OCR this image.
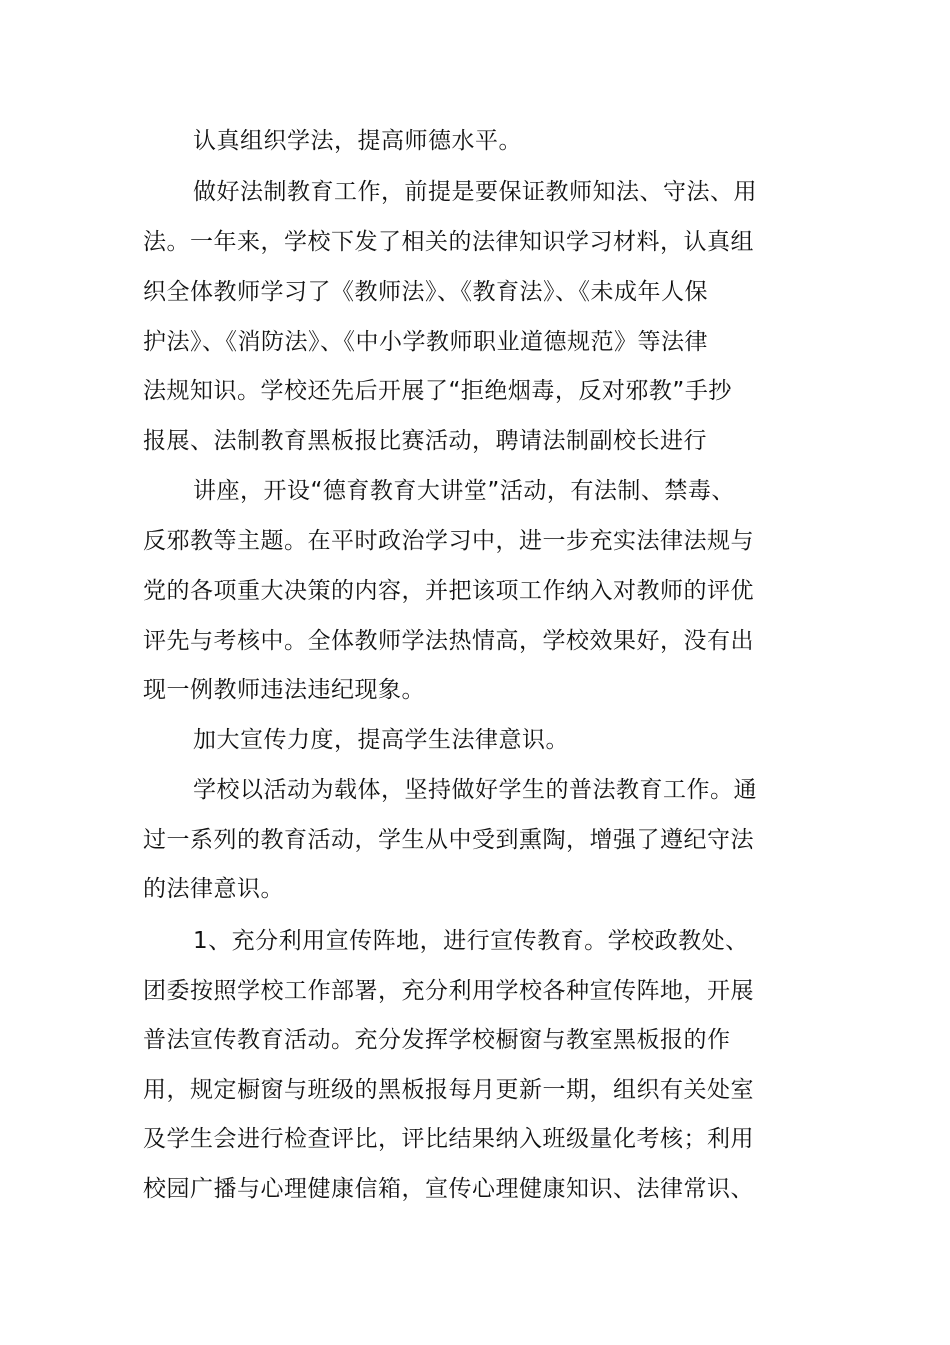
认真组织学法，提高师德水平。

做好法制教育工作，前提是要保证教师知法、守法、用

法。一年来，学校下发了相关的法律知识学习材料，认真组

织全体教师学习了《教师法》、《教育法》、《未成年人保

护法》、《消防法》、《中小学教师职业道德规范》等法律

法规知识。学校还先后开展了“拒绝烟毒，反对邪教”手抄

报展、法制教育黑板报比赛活动，聘请法制副校长进行

讲座，开设“德育教育大讲堂”活动，有法制、禁毒、

反邪教等主题。在平时政治学习中，进一步充实法律法规与

党的各项重大决策的内容，并把该项工作纳入对教师的评优

评先与考核中。全体教师学法热情高，学校效果好，没有出

现一例教师违法违纪现象。

加大宣传力度，提高学生法律意识。

学校以活动为载体，坚持做好学生的普法教育工作。通

过一系列的教育活动，学生从中受到熏陶，增强了遵纪守法

的法律意识。

1、充分利用宣传阵地，进行宣传教育。学校政教处、

团委按照学校工作部署，充分利用学校各种宣传阵地，开展

普法宣传教育活动。充分发挥学校橱窗与教室黑板报的作

用，规定橱窗与班级的黑板报每月更新一期，组织有关处室

及学生会进行检查评比，评比结果纳入班级量化考核；利用

校园广播与心理健康信箱，宣传心理健康知识、法律常识、
